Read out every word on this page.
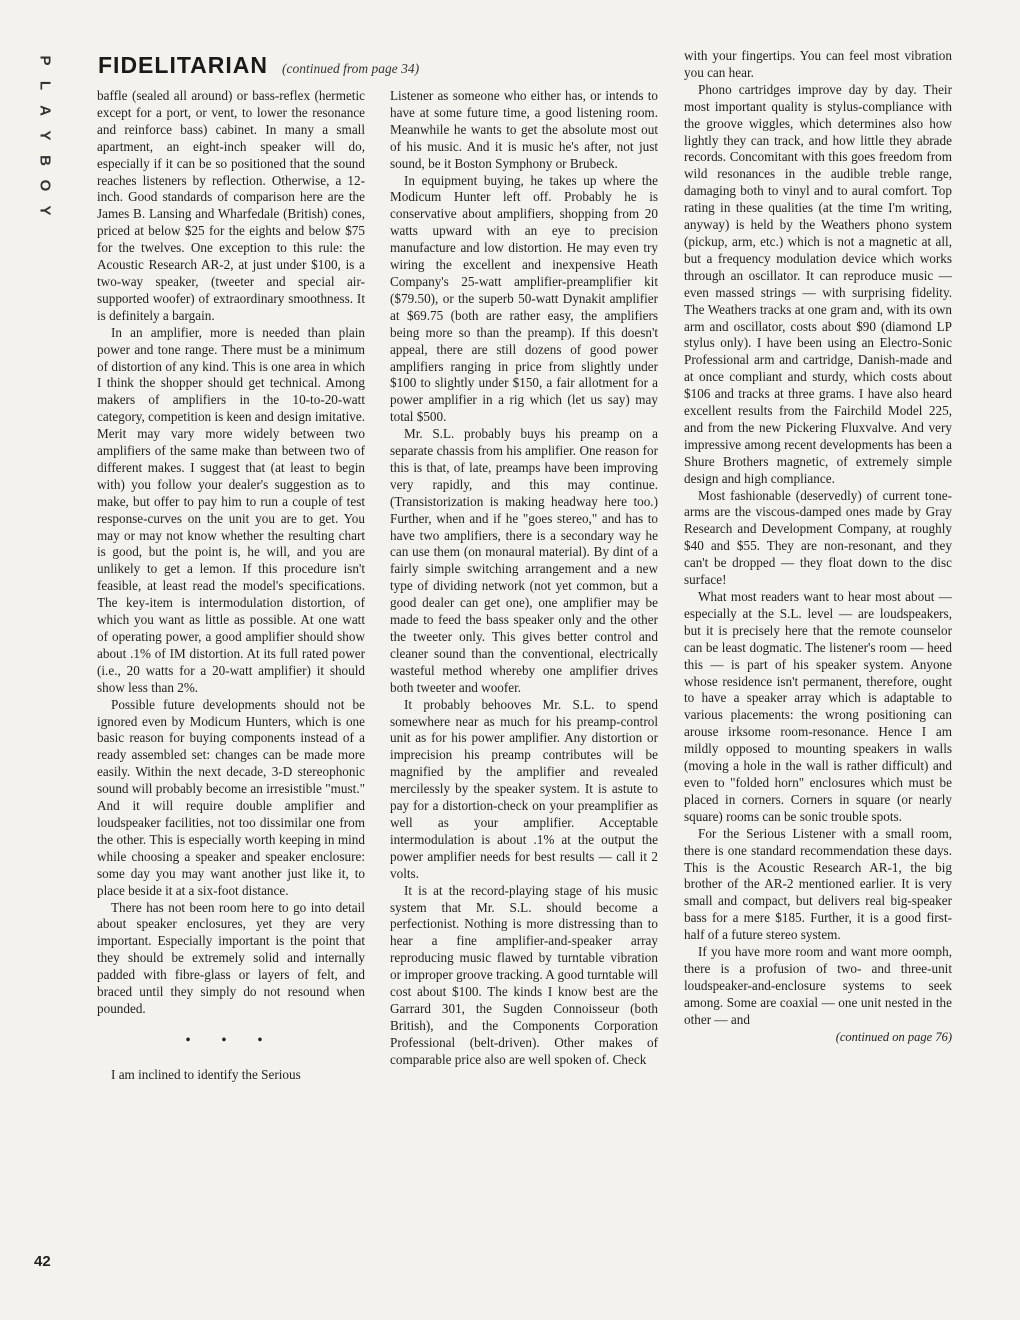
P
L
A
Y
B
O
Y
FIDELITARIAN (continued from page 34)

baffle (sealed all around) or bass-reflex (hermetic except for a port, or vent, to lower the resonance and reinforce bass) cabinet. In many a small apartment, an eight-inch speaker will do, especially if it can be so positioned that the sound reaches listeners by reflection. Otherwise, a 12-inch. Good standards of comparison here are the James B. Lansing and Wharfedale (British) cones, priced at below $25 for the eights and below $75 for the twelves. One exception to this rule: the Acoustic Research AR-2, at just under $100, is a two-way speaker, (tweeter and special air-supported woofer) of extraordinary smoothness. It is definitely a bargain.

In an amplifier, more is needed than plain power and tone range. There must be a minimum of distortion of any kind. This is one area in which I think the shopper should get technical. Among makers of amplifiers in the 10-to-20-watt category, competition is keen and design imitative. Merit may vary more widely between two amplifiers of the same make than between two of different makes. I suggest that (at least to begin with) you follow your dealer's suggestion as to make, but offer to pay him to run a couple of test response-curves on the unit you are to get. You may or may not know whether the resulting chart is good, but the point is, he will, and you are unlikely to get a lemon. If this procedure isn't feasible, at least read the model's specifications. The key-item is intermodulation distortion, of which you want as little as possible. At one watt of operating power, a good amplifier should show about .1% of IM distortion. At its full rated power (i.e., 20 watts for a 20-watt amplifier) it should show less than 2%.

Possible future developments should not be ignored even by Modicum Hunters, which is one basic reason for buying components instead of a ready assembled set: changes can be made more easily. Within the next decade, 3-D stereophonic sound will probably become an irresistible "must." And it will require double amplifier and loudspeaker facilities, not too dissimilar one from the other. This is especially worth keeping in mind while choosing a speaker and speaker enclosure: some day you may want another just like it, to place beside it at a six-foot distance.

There has not been room here to go into detail about speaker enclosures, yet they are very important. Especially important is the point that they should be extremely solid and internally padded with fibre-glass or layers of felt, and braced until they simply do not resound when pounded.

• • •

I am inclined to identify the Serious

Listener as someone who either has, or intends to have at some future time, a good listening room. Meanwhile he wants to get the absolute most out of his music. And it is music he's after, not just sound, be it Boston Symphony or Brubeck.

In equipment buying, he takes up where the Modicum Hunter left off. Probably he is conservative about amplifiers, shopping from 20 watts upward with an eye to precision manufacture and low distortion. He may even try wiring the excellent and inexpensive Heath Company's 25-watt amplifier-preamplifier kit ($79.50), or the superb 50-watt Dynakit amplifier at $69.75 (both are rather easy, the amplifiers being more so than the preamp). If this doesn't appeal, there are still dozens of good power amplifiers ranging in price from slightly under $100 to slightly under $150, a fair allotment for a power amplifier in a rig which (let us say) may total $500.

Mr. S.L. probably buys his preamp on a separate chassis from his amplifier. One reason for this is that, of late, preamps have been improving very rapidly, and this may continue. (Transistorization is making headway here too.) Further, when and if he "goes stereo," and has to have two amplifiers, there is a secondary way he can use them (on monaural material). By dint of a fairly simple switching arrangement and a new type of dividing network (not yet common, but a good dealer can get one), one amplifier may be made to feed the bass speaker only and the other the tweeter only. This gives better control and cleaner sound than the conventional, electrically wasteful method whereby one amplifier drives both tweeter and woofer.

It probably behooves Mr. S.L. to spend somewhere near as much for his preamp-control unit as for his power amplifier. Any distortion or imprecision his preamp contributes will be magnified by the amplifier and revealed mercilessly by the speaker system. It is astute to pay for a distortion-check on your preamplifier as well as your amplifier. Acceptable intermodulation is about .1% at the output the power amplifier needs for best results — call it 2 volts.

It is at the record-playing stage of his music system that Mr. S.L. should become a perfectionist. Nothing is more distressing than to hear a fine amplifier-and-speaker array reproducing music flawed by turntable vibration or improper groove tracking. A good turntable will cost about $100. The kinds I know best are the Garrard 301, the Sugden Connoisseur (both British), and the Components Corporation Professional (belt-driven). Other makes of comparable price also are well spoken of. Check

with your fingertips. You can feel most vibration you can hear.

Phono cartridges improve day by day. Their most important quality is stylus-compliance with the groove wiggles, which determines also how lightly they can track, and how little they abrade records. Concomitant with this goes freedom from wild resonances in the audible treble range, damaging both to vinyl and to aural comfort. Top rating in these qualities (at the time I'm writing, anyway) is held by the Weathers phono system (pickup, arm, etc.) which is not a magnetic at all, but a frequency modulation device which works through an oscillator. It can reproduce music — even massed strings — with surprising fidelity. The Weathers tracks at one gram and, with its own arm and oscillator, costs about $90 (diamond LP stylus only). I have been using an Electro-Sonic Professional arm and cartridge, Danish-made and at once compliant and sturdy, which costs about $106 and tracks at three grams. I have also heard excellent results from the Fairchild Model 225, and from the new Pickering Fluxvalve. And very impressive among recent developments has been a Shure Brothers magnetic, of extremely simple design and high compliance.

Most fashionable (deservedly) of current tone-arms are the viscous-damped ones made by Gray Research and Development Company, at roughly $40 and $55. They are non-resonant, and they can't be dropped — they float down to the disc surface!

What most readers want to hear most about — especially at the S.L. level — are loudspeakers, but it is precisely here that the remote counselor can be least dogmatic. The listener's room — heed this — is part of his speaker system. Anyone whose residence isn't permanent, therefore, ought to have a speaker array which is adaptable to various placements: the wrong positioning can arouse irksome room-resonance. Hence I am mildly opposed to mounting speakers in walls (moving a hole in the wall is rather difficult) and even to "folded horn" enclosures which must be placed in corners. Corners in square (or nearly square) rooms can be sonic trouble spots.

For the Serious Listener with a small room, there is one standard recommendation these days. This is the Acoustic Research AR-1, the big brother of the AR-2 mentioned earlier. It is very small and compact, but delivers real big-speaker bass for a mere $185. Further, it is a good first-half of a future stereo system.

If you have more room and want more oomph, there is a profusion of two- and three-unit loudspeaker-and-enclosure systems to seek among. Some are coaxial — one unit nested in the other — and

(continued on page 76)
42
